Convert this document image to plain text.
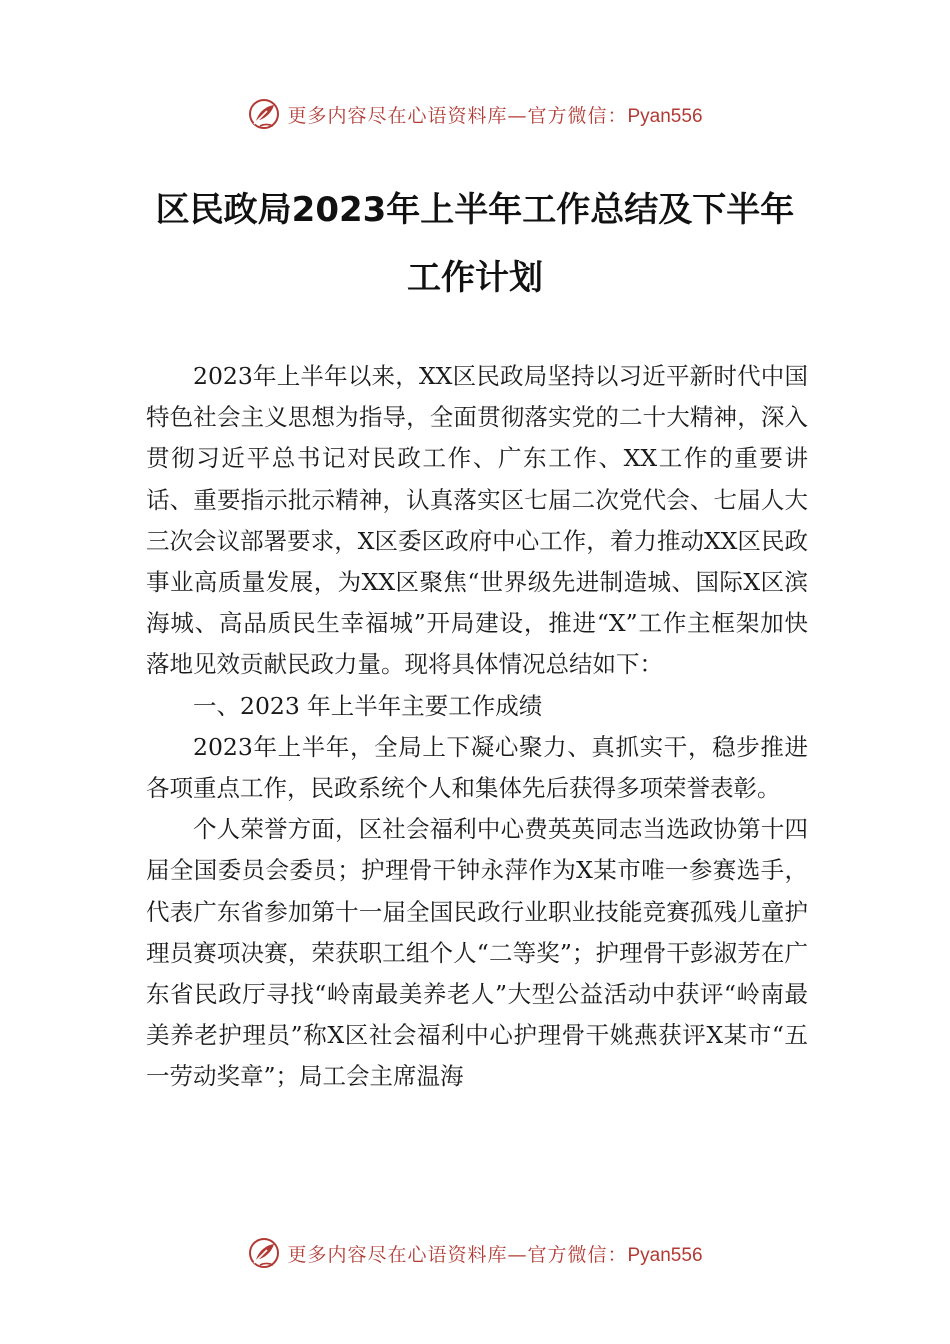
更多内容尽在心语资料库—官方微信：Pyan556
区民政局2023年上半年工作总结及下半年
工作计划

2023年上半年以来，XX区民政局坚持以习近平新时代中国特色社会主义思想为指导，全面贯彻落实党的二十大精神，深入贯彻习近平总书记对民政工作、广东工作、XX工作的重要讲话、重要指示批示精神，认真落实区七届二次党代会、七届人大三次会议部署要求，X区委区政府中心工作，着力推动XX区民政事业高质量发展，为XX区聚焦“世界级先进制造城、国际X区滨海城、高品质民生幸福城”开局建设，推进“X”工作主框架加快落地见效贡献民政力量。现将具体情况总结如下：

一、2023 年上半年主要工作成绩

2023年上半年，全局上下凝心聚力、真抓实干，稳步推进各项重点工作，民政系统个人和集体先后获得多项荣誉表彰。

个人荣誉方面，区社会福利中心费英英同志当选政协第十四届全国委员会委员；护理骨干钟永萍作为X某市唯一参赛选手，代表广东省参加第十一届全国民政行业职业技能竞赛孤残儿童护理员赛项决赛，荣获职工组个人“二等奖”；护理骨干彭淑芳在广东省民政厅寻找“岭南最美养老人”大型公益活动中获评“岭南最美养老护理员”称X区社会福利中心护理骨干姚燕获评X某市“五一劳动奖章”；局工会主席温海

更多内容尽在心语资料库—官方微信：Pyan556
